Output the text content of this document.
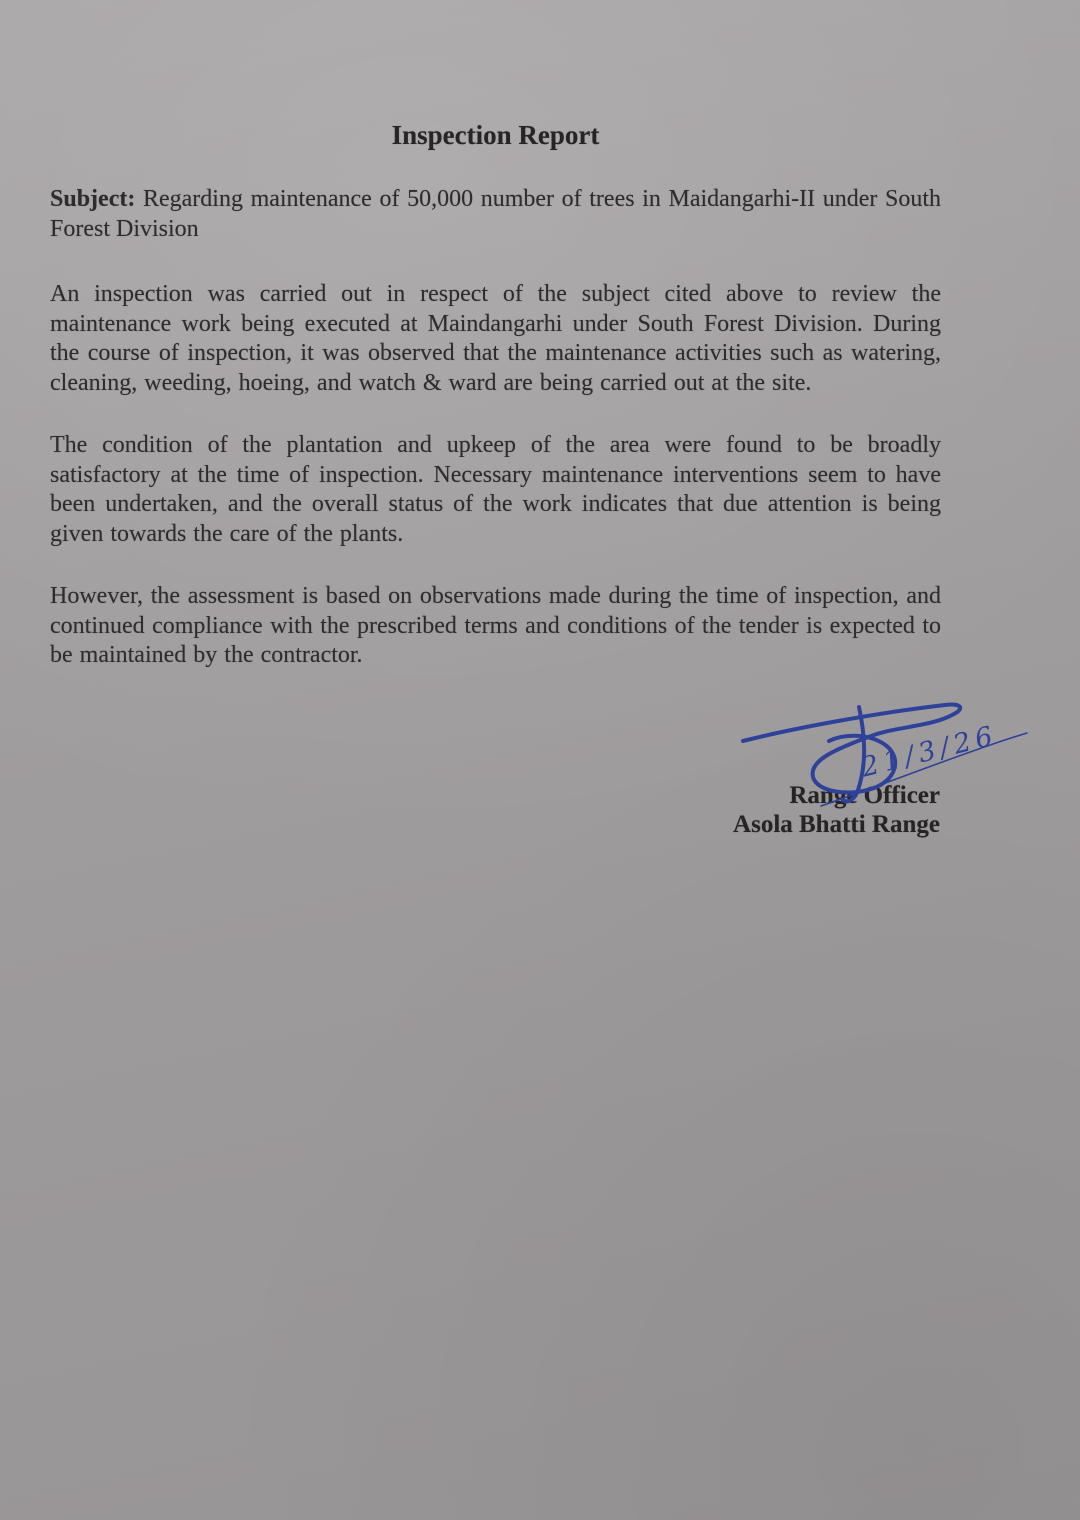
Inspection Report

Subject: Regarding maintenance of 50,000 number of trees in Maidangarhi-II under South Forest Division

An inspection was carried out in respect of the subject cited above to review the maintenance work being executed at Maindangarhi under South Forest Division. During the course of inspection, it was observed that the maintenance activities such as watering, cleaning, weeding, hoeing, and watch & ward are being carried out at the site.

The condition of the plantation and upkeep of the area were found to be broadly satisfactory at the time of inspection. Necessary maintenance interventions seem to have been undertaken, and the overall status of the work indicates that due attention is being given towards the care of the plants.

However, the assessment is based on observations made during the time of inspection, and continued compliance with the prescribed terms and conditions of the tender is expected to be maintained by the contractor.

21/3/26
Range Officer
Asola Bhatti Range
